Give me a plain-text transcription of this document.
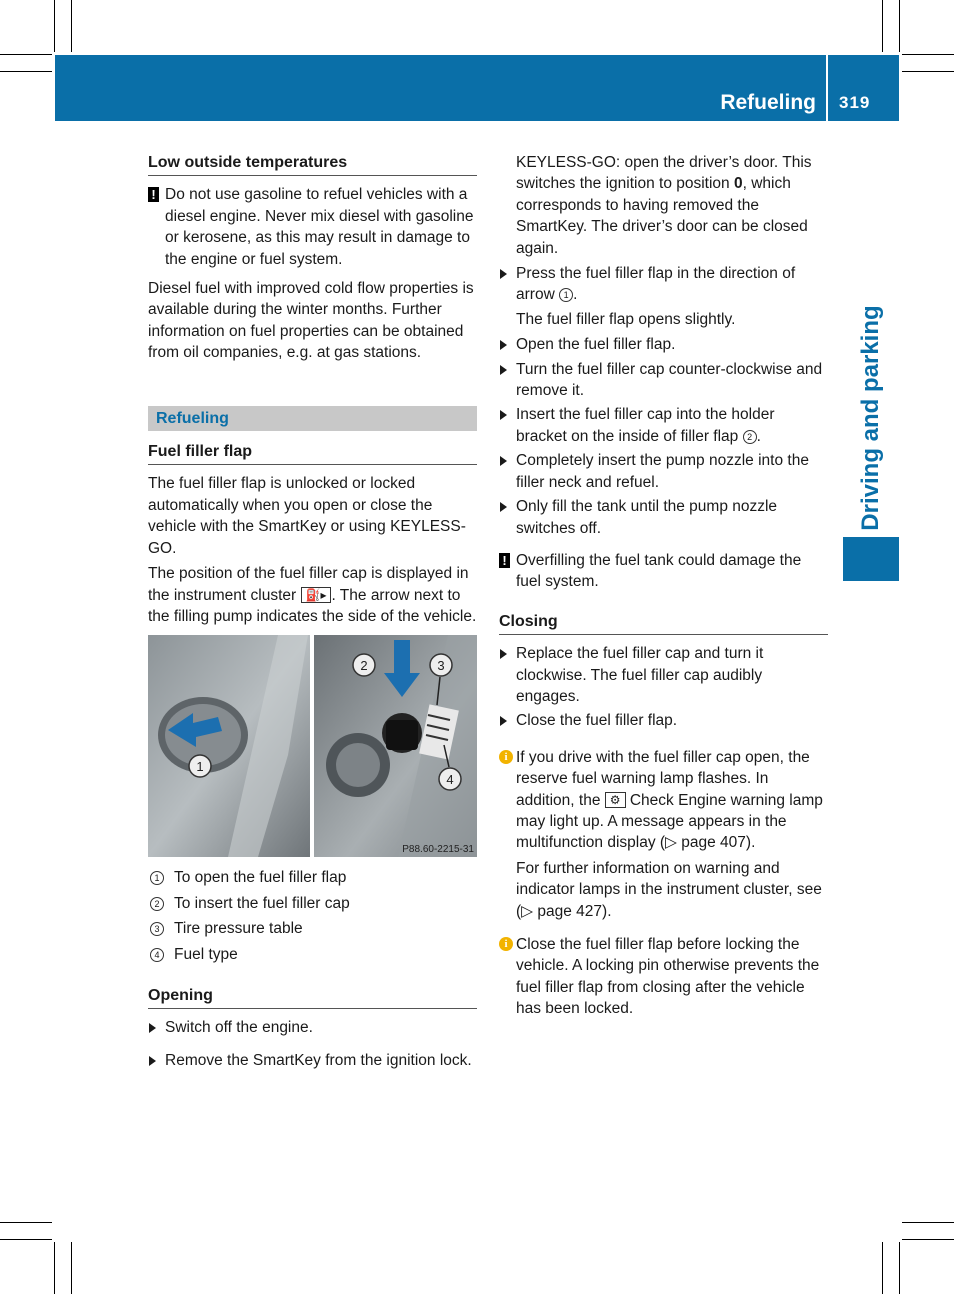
Refueling 319
Driving and parking
Low outside temperatures
! Do not use gasoline to refuel vehicles with a diesel engine. Never mix diesel with gasoline or kerosene, as this may result in damage to the engine or fuel system.

Diesel fuel with improved cold flow properties is available during the winter months. Further information on fuel properties can be obtained from oil companies, e.g. at gas stations.

Refueling
Fuel filler flap

The fuel filler flap is unlocked or locked automatically when you open or close the vehicle with the SmartKey or using KEYLESS-GO.

The position of the fuel filler cap is displayed in the instrument cluster ⛽▸ . The arrow next to the filling pump indicates the side of the vehicle.

1
2	3
4
P88.60-2215-31
1 To open the fuel filler flap
2 To insert the fuel filler cap
3 Tire pressure table
4 Fuel type
Opening
Switch off the engine.
Remove the SmartKey from the ignition lock.

KEYLESS-GO: open the driver’s door. This switches the ignition to position 0, which corresponds to having removed the SmartKey. The driver’s door can be closed again.

Press the fuel filler flap in the direction of arrow 1 .

The fuel filler flap opens slightly.

Open the fuel filler flap.
Turn the fuel filler cap counter-clockwise and remove it.
Insert the fuel filler cap into the holder bracket on the inside of filler flap 2 .
Completely insert the pump nozzle into the filler neck and refuel.
Only fill the tank until the pump nozzle switches off.
! Overfilling the fuel tank could damage the fuel system.
Closing
Replace the fuel filler cap and turn it clockwise. The fuel filler cap audibly engages.
Close the fuel filler flap.
i If you drive with the fuel filler cap open, the reserve fuel warning lamp flashes. In addition, the ⚙ Check Engine warning lamp may light up. A message appears in the multifunction display (▷ page 407).

For further information on warning and indicator lamps in the instrument cluster, see (▷ page 427).

i Close the fuel filler flap before locking the vehicle. A locking pin otherwise prevents the fuel filler flap from closing after the vehicle has been locked.
